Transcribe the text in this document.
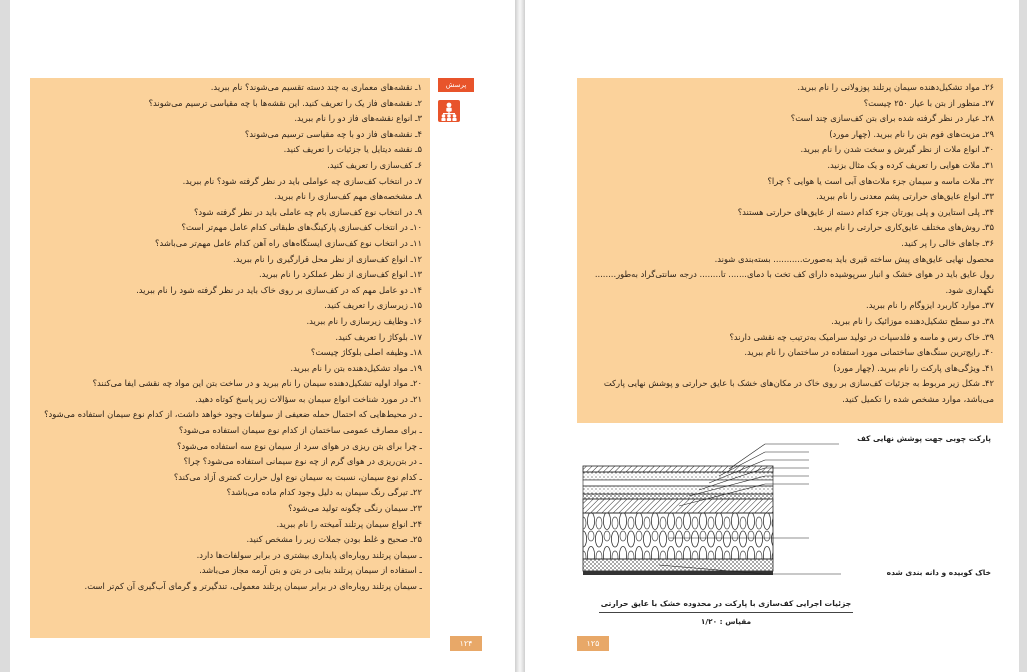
۱ـ نقشه‌های معماری به چند دسته تقسیم می‌شوند؟ نام ببرید.
۲ـ نقشه‌های فاز یک را تعریف کنید. این نقشه‌ها با چه مقیاسی ترسیم می‌شوند؟
۳ـ انواع نقشه‌های فاز دو را نام ببرید.
۴ـ نقشه‌های فاز دو با چه مقیاسی ترسیم می‌شوند؟
۵ـ نقشه دیتایل یا جزئیات را تعریف کنید.
۶ـ کف‌سازی را تعریف کنید.
۷ـ در انتخاب کف‌سازی چه عواملی باید در نظر گرفته شود؟ نام ببرید.
۸ـ مشخصه‌های مهم کف‌سازی را نام ببرید.
۹ـ در انتخاب نوع کف‌سازی بام چه عاملی باید در نظر گرفته شود؟
۱۰ـ در انتخاب کف‌سازی پارکینگ‌های طبقاتی کدام عامل مهم‌تر است؟
۱۱ـ در انتخاب نوع کف‌سازی ایستگاه‌های راه آهن کدام عامل مهم‌تر می‌باشد؟
۱۲ـ انواع کف‌سازی از نظر محل قرارگیری را نام ببرید.
۱۳ـ انواع کف‌سازی از نظر عملکرد را نام ببرید.
۱۴ـ دو عامل مهم که در کف‌سازی بر روی خاک باید در نظر گرفته شود را نام ببرید.
۱۵ـ زیرسازی را تعریف کنید.
۱۶ـ وظایف زیرسازی را نام ببرید.
۱۷ـ بلوکاژ را تعریف کنید.
۱۸ـ وظیفه اصلی بلوکاژ چیست؟
۱۹ـ مواد تشکیل‌دهنده بتن را نام ببرید.
۲۰ـ مواد اولیه تشکیل‌دهنده سیمان را نام ببرید و در ساخت بتن این مواد چه نقشی ایفا می‌کنند؟
۲۱ـ در مورد شناخت انواع سیمان به سؤالات زیر پاسخ کوتاه دهید.
ـ در محیط‌هایی که احتمال حمله ضعیفی از سولفات وجود خواهد داشت، از کدام نوع سیمان استفاده می‌شود؟
ـ برای مصارف عمومی ساختمان از کدام نوع سیمان استفاده می‌شود؟
ـ چرا برای بتن ریزی در هوای سرد از سیمان نوع سه استفاده می‌شود؟
ـ در بتن‌ریزی در هوای گرم از چه نوع سیمانی استفاده می‌شود؟ چرا؟
ـ کدام نوع سیمان، نسبت به سیمان نوع اول حرارت کمتری آزاد می‌کند؟
۲۲ـ تیرگی رنگ سیمان به دلیل وجود کدام ماده می‌باشد؟
۲۳ـ سیمان رنگی چگونه تولید می‌شود؟
۲۴ـ انواع سیمان پرتلند آمیخته را نام ببرید.
۲۵ـ صحیح و غلط بودن جملات زیر را مشخص کنید.
ـ سیمان پرتلند روباره‌ای پایداری بیشتری در برابر سولفات‌ها دارد.
ـ استفاده از سیمان پرتلند بنایی در بتن و بتن آرمه مجاز می‌باشد.
ـ سیمان پرتلند روباره‌ای در برابر سیمان پرتلند معمولی، تندگیرتر و گرمای آب‌گیری آن کم‌تر است.
پرسش
۱۲۴
۲۶ـ مواد تشکیل‌دهنده سیمان پرتلند پوزولانی را نام ببرید.
۲۷ـ منظور از بتن با عیار ۲۵۰ چیست؟
۲۸ـ عیار در نظر گرفته شده برای بتن کف‌سازی چند است؟
۲۹ـ مزیت‌های فوم بتن را نام ببرید. (چهار مورد)
۳۰ـ انواع ملات از نظر گیرش و سخت شدن را نام ببرید.
۳۱ـ ملات هوایی را تعریف کرده و یک مثال بزنید.
۳۲ـ ملات ماسه و سیمان جزء ملات‌های آبی است یا هوایی ؟ چرا؟
۳۳ـ انواع عایق‌های حرارتی پشم معدنی را نام ببرید.
۳۴ـ پلی استایرن و پلی یورتان جزء کدام دسته از عایق‌های حرارتی هستند؟
۳۵ـ روش‌های مختلف عایق‌کاری حرارتی را نام ببرید.
۳۶ـ جاهای خالی را پر کنید.
محصول نهایی عایق‌های پیش ساخته قیری باید به‌صورت........... بسته‌بندی شوند.
رول عایق باید در هوای خشک و انبار سرپوشیده دارای کف تخت با دمای....... تا........ درجه سانتی‌گراد به‌طور........ نگهداری شود.
۳۷ـ موارد کاربرد ایزوگام را نام ببرید.
۳۸ـ دو سطح تشکیل‌دهنده موزائیک را نام ببرید.
۳۹ـ خاک رس و ماسه و فلدسپات در تولید سرامیک به‌ترتیب چه نقشی دارند؟
۴۰ـ رایج‌ترین سنگ‌های ساختمانی مورد استفاده در ساختمان را نام ببرید.
۴۱ـ ویژگی‌های پارکت را نام ببرید. (چهار مورد)
۴۲ـ شکل زیر مربوط به جزئیات کف‌سازی بر روی خاک در مکان‌های خشک با عایق حرارتی و پوشش نهایی پارکت می‌باشد، موارد مشخص شده را تکمیل کنید.
پارکت چوبی جهت پوشش نهایی کف
خاک کوبیده و دانه بندی شده
جزئیات اجرایی کف‌سازی با پارکت در محدوده خشک با عایق حرارتی
مقیاس : ۱/۲۰
۱۲۵
